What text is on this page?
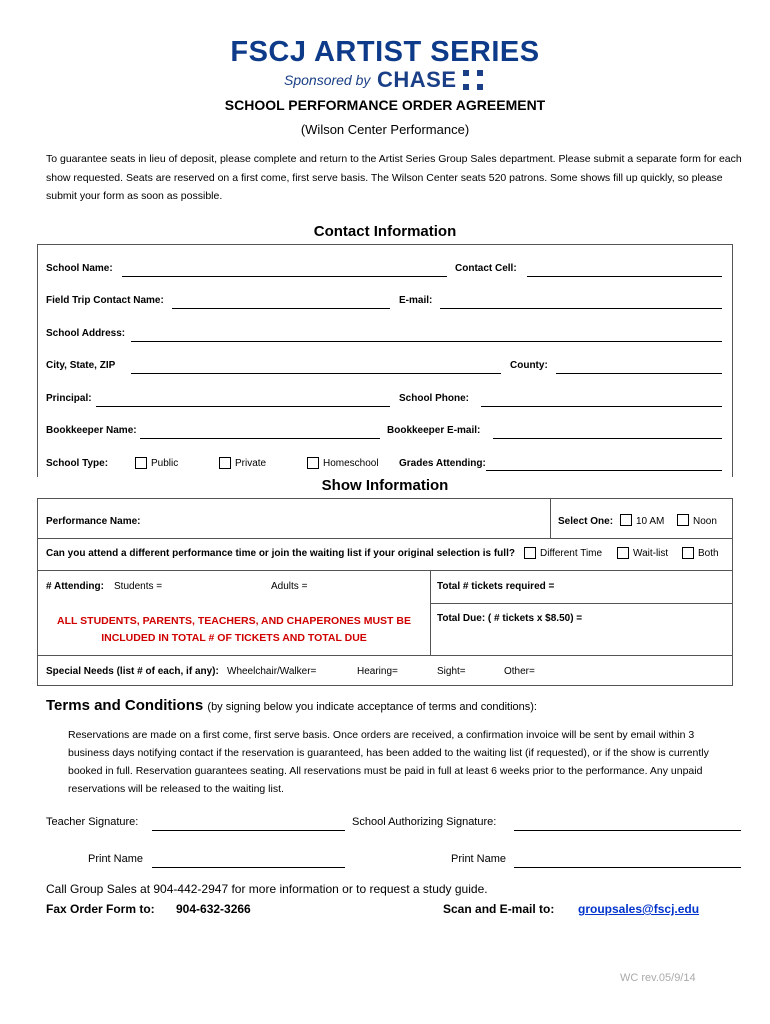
FSCJ ARTIST SERIES
Sponsored by CHASE
SCHOOL PERFORMANCE ORDER AGREEMENT
(Wilson Center Performance)
To guarantee seats in lieu of deposit, please complete and return to the Artist Series Group Sales department. Please submit a separate form for each show requested. Seats are reserved on a first come, first serve basis. The Wilson Center seats 520 patrons. Some shows fill up quickly, so please submit your form as soon as possible.
Contact Information
School Name:	Contact Cell:
Field Trip Contact Name:	E-mail:
School Address:
City, State, ZIP	County:
Principal:	School Phone:
Bookkeeper Name:	Bookkeeper E-mail:
School Type:	Public	Private	Homeschool Grades Attending:
Show Information
Performance Name:	Select One: 10 AM	Noon
Can you attend a different performance time or join the waiting list if your original selection is full?	Different Time	Wait-list	Both
# Attending: Students =	Adults =	Total # tickets required =
ALL STUDENTS, PARENTS, TEACHERS, AND CHAPERONES MUST BE
INCLUDED IN TOTAL # OF TICKETS AND TOTAL DUE
Total Due: ( # tickets x $8.50) =
Special Needs (list # of each, if any): Wheelchair/Walker=	Hearing=	Sight=	Other=
Terms and Conditions (by signing below you indicate acceptance of terms and conditions):
Reservations are made on a first come, first serve basis. Once orders are received, a confirmation invoice will be sent by email within 3 business days notifying contact if the reservation is guaranteed, has been added to the waiting list (if requested), or if the show is currently booked in full. Reservation guarantees seating. All reservations must be paid in full at least 6 weeks prior to the performance. Any unpaid reservations will be released to the waiting list.
Teacher Signature:	School Authorizing Signature:
Print Name	Print Name
Call Group Sales at 904-442-2947 for more information or to request a study guide.
Fax Order Form to: 904-632-3266	Scan and E-mail to: groupsales@fscj.edu
WC rev.05/9/14
